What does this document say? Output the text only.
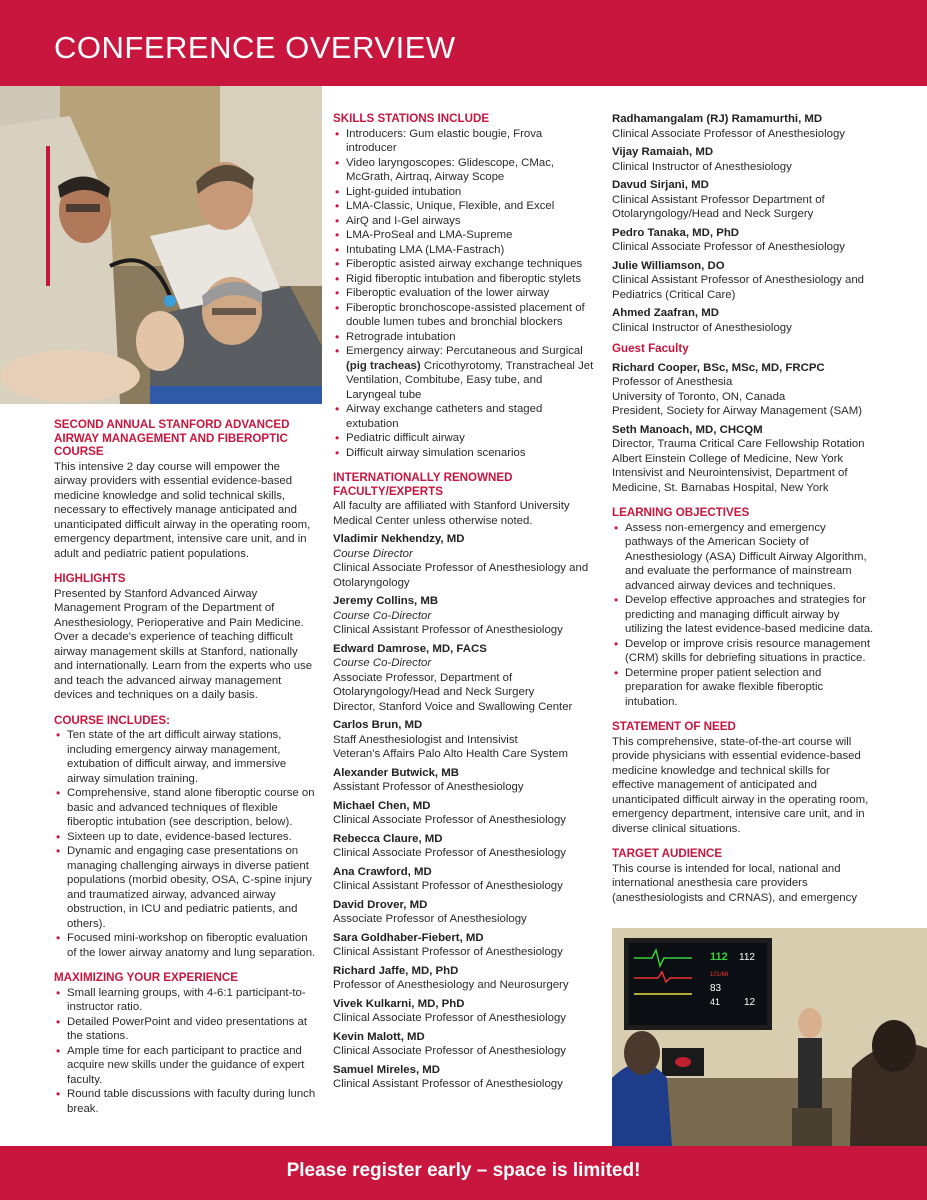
CONFERENCE OVERVIEW

SECOND ANNUAL STANFORD ADVANCED AIRWAY MANAGEMENT AND FIBEROPTIC COURSE

This intensive 2 day course will empower the airway providers with essential evidence-based medicine knowledge and solid technical skills, necessary to effectively manage anticipated and unanticipated difficult airway in the operating room, emergency department, intensive care unit, and in adult and pediatric patient populations.

HIGHLIGHTS

Presented by Stanford Advanced Airway Management Program of the Department of Anesthesiology, Perioperative and Pain Medicine. Over a decade's experience of teaching difficult airway management skills at Stanford, nationally and internationally. Learn from the experts who use and teach the advanced airway management devices and techniques on a daily basis.

COURSE INCLUDES:

• Ten state of the art difficult airway stations, including emergency airway management, extubation of difficult airway, and immersive airway simulation training.
• Comprehensive, stand alone fiberoptic course on basic and advanced techniques of flexible fiberoptic intubation (see description, below).
• Sixteen up to date, evidence-based lectures.
• Dynamic and engaging case presentations on managing challenging airways in diverse patient populations (morbid obesity, OSA, C-spine injury and traumatized airway, advanced airway obstruction, in ICU and pediatric patients, and others).
• Focused mini-workshop on fiberoptic evaluation of the lower airway anatomy and lung separation.

MAXIMIZING YOUR EXPERIENCE

• Small learning groups, with 4-6:1 participant-to-instructor ratio.
• Detailed PowerPoint and video presentations at the stations.
• Ample time for each participant to practice and acquire new skills under the guidance of expert faculty.
• Round table discussions with faculty during lunch break.

SKILLS STATIONS INCLUDE

• Introducers: Gum elastic bougie, Frova introducer
• Video laryngoscopes: Glidescope, CMac, McGrath, Airtraq, Airway Scope
• Light-guided intubation
• LMA-Classic, Unique, Flexible, and Excel
• AirQ and I-Gel airways
• LMA-ProSeal and LMA-Supreme
• Intubating LMA (LMA-Fastrach)
• Fiberoptic asisted airway exchange techniques
• Rigid fiberoptic intubation and fiberoptic stylets
• Fiberoptic evaluation of the lower airway
• Fiberoptic bronchoscope-assisted placement of double lumen tubes and bronchial blockers
• Retrograde intubation
• Emergency airway: Percutaneous and Surgical (pig tracheas) Cricothyrotomy, Transtracheal Jet Ventilation, Combitube, Easy tube, and Laryngeal tube
• Airway exchange catheters and staged extubation
• Pediatric difficult airway
• Difficult airway simulation scenarios

INTERNATIONALLY RENOWNED FACULTY/EXPERTS

All faculty are affiliated with Stanford University Medical Center unless otherwise noted.

Vladimir Nekhendzy, MD
Course Director
Clinical Associate Professor of Anesthesiology and Otolaryngology
Jeremy Collins, MB
Course Co-Director
Clinical Assistant Professor of Anesthesiology
Edward Damrose, MD, FACS
Course Co-Director
Associate Professor, Department of Otolaryngology/Head and Neck Surgery
Director, Stanford Voice and Swallowing Center
Carlos Brun, MD
Staff Anesthesiologist and Intensivist
Veteran's Affairs Palo Alto Health Care System
Alexander Butwick, MB
Assistant Professor of Anesthesiology
Michael Chen, MD
Clinical Associate Professor of Anesthesiology
Rebecca Claure, MD
Clinical Associate Professor of Anesthesiology
Ana Crawford, MD
Clinical Assistant Professor of Anesthesiology
David Drover, MD
Associate Professor of Anesthesiology
Sara Goldhaber-Fiebert, MD
Clinical Assistant Professor of Anesthesiology
Richard Jaffe, MD, PhD
Professor of Anesthesiology and Neurosurgery
Vivek Kulkarni, MD, PhD
Clinical Associate Professor of Anesthesiology
Kevin Malott, MD
Clinical Associate Professor of Anesthesiology
Samuel Mireles, MD
Clinical Assistant Professor of Anesthesiology
Radhamangalam (RJ) Ramamurthi, MD
Clinical Associate Professor of Anesthesiology
Vijay Ramaiah, MD
Clinical Instructor of Anesthesiology
Davud Sirjani, MD
Clinical Assistant Professor Department of Otolaryngology/Head and Neck Surgery
Pedro Tanaka, MD, PhD
Clinical Associate Professor of Anesthesiology
Julie Williamson, DO
Clinical Assistant Professor of Anesthesiology and Pediatrics (Critical Care)
Ahmed Zaafran, MD
Clinical Instructor of Anesthesiology

Guest Faculty

Richard Cooper, BSc, MSc, MD, FRCPC
Professor of Anesthesia
University of Toronto, ON, Canada
President, Society for Airway Management (SAM)
Seth Manoach, MD, CHCQM
Director, Trauma Critical Care Fellowship Rotation
Albert Einstein College of Medicine, New York
Intensivist and Neurointensivist, Department of Medicine, St. Barnabas Hospital, New York

LEARNING OBJECTIVES

• Assess non-emergency and emergency pathways of the American Society of Anesthesiology (ASA) Difficult Airway Algorithm, and evaluate the performance of mainstream advanced airway devices and techniques.
• Develop effective approaches and strategies for predicting and managing difficult airway by utilizing the latest evidence-based medicine data.
• Develop or improve crisis resource management (CRM) skills for debriefing situations in practice.
• Determine proper patient selection and preparation for awake flexible fiberoptic intubation.

STATEMENT OF NEED

This comprehensive, state-of-the-art course will provide physicians with essential evidence-based medicine knowledge and technical skills for effective management of anticipated and unanticipated difficult airway in the operating room, emergency department, intensive care unit, and in diverse clinical situations.

TARGET AUDIENCE

This course is intended for local, national and international anesthesia care providers (anesthesiologists and CRNAS), and emergency

112 112
101/66
83
41 12
Please register early – space is limited!
